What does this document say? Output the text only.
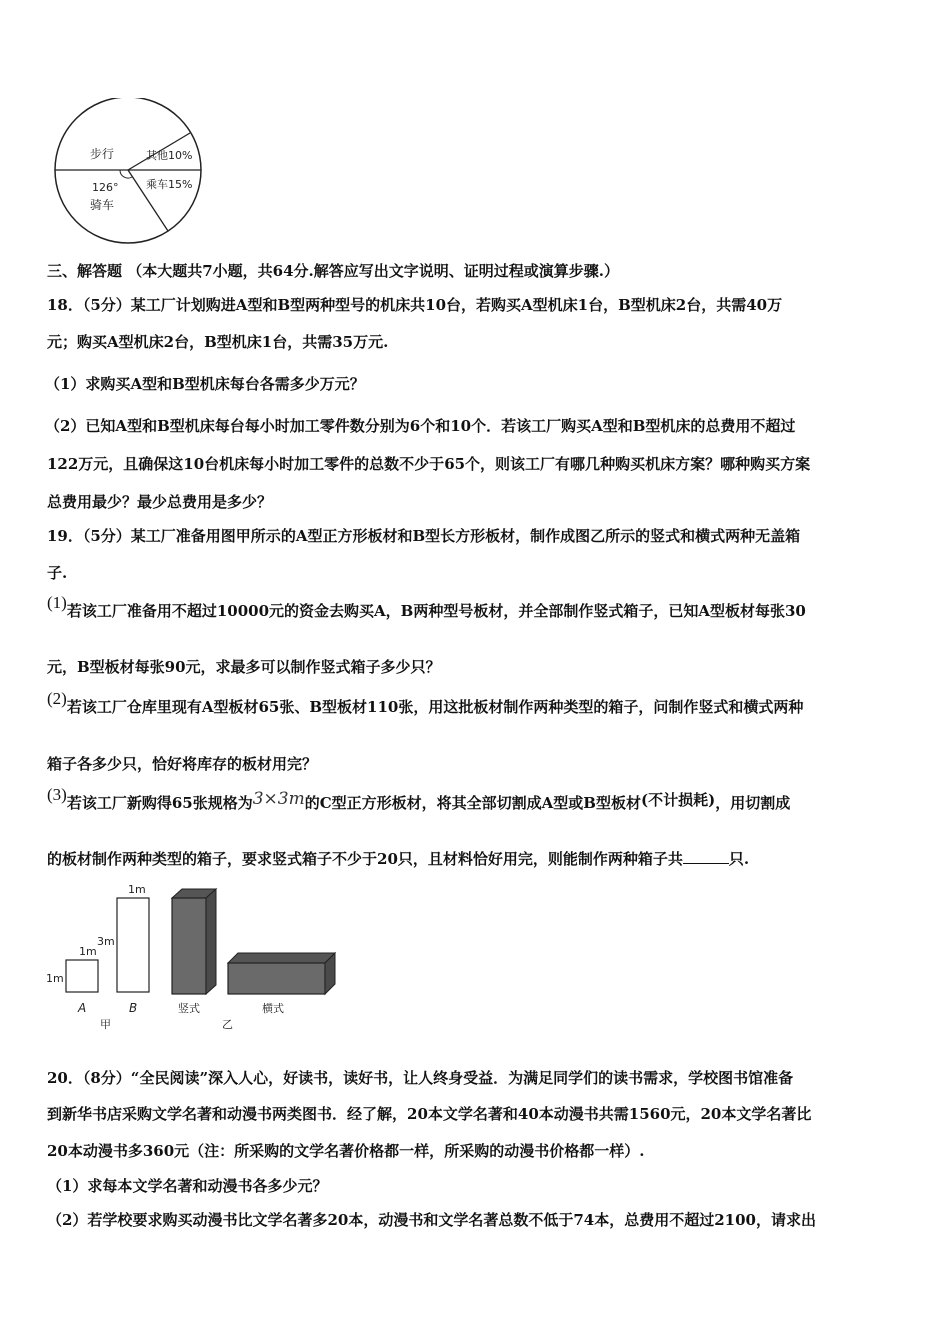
步行	其他10%
乘车15%
126°
骑车
三、解答题 （本大题共7小题，共64分.解答应写出文字说明、证明过程或演算步骤.）
18．（5分）某工厂计划购进A型和B型两种型号的机床共10台，若购买A型机床1台，B型机床2台，共需40万
元；购买A型机床2台，B型机床1台，共需35万元.
（1）求购买A型和B型机床每台各需多少万元？
（2）已知A型和B型机床每台每小时加工零件数分别为6个和10个．若该工厂购买A型和B型机床的总费用不超过
122万元，且确保这10台机床每小时加工零件的总数不少于65个，则该工厂有哪几种购买机床方案？哪种购买方案
总费用最少？最少总费用是多少？
19．（5分）某工厂准备用图甲所示的A型正方形板材和B型长方形板材，制作成图乙所示的竖式和横式两种无盖箱
子.
(1)若该工厂准备用不超过10000元的资金去购买A，B两种型号板材，并全部制作竖式箱子，已知A型板材每张30
元，B型板材每张90元，求最多可以制作竖式箱子多少只？
(2)若该工厂仓库里现有A型板材65张、B型板材110张，用这批板材制作两种类型的箱子，问制作竖式和横式两种
箱子各多少只，恰好将库存的板材用完？
(3)若该工厂新购得65张规格为3×3m的C型正方形板材，将其全部切割成A型或B型板材(不计损耗)，用切割成
的板材制作两种类型的箱子，要求竖式箱子不少于20只，且材料恰好用完，则能制作两种箱子共	只.
1m
1m
A
3m
1m
B
甲
竖式	横式
乙
20．（8分）“全民阅读”深入人心，好读书，读好书，让人终身受益．为满足同学们的读书需求，学校图书馆准备
到新华书店采购文学名著和动漫书两类图书．经了解，20本文学名著和40本动漫书共需1560元，20本文学名著比
20本动漫书多360元（注：所采购的文学名著价格都一样，所采购的动漫书价格都一样）.
（1）求每本文学名著和动漫书各多少元？
（2）若学校要求购买动漫书比文学名著多20本，动漫书和文学名著总数不低于74本，总费用不超过2100，请求出
